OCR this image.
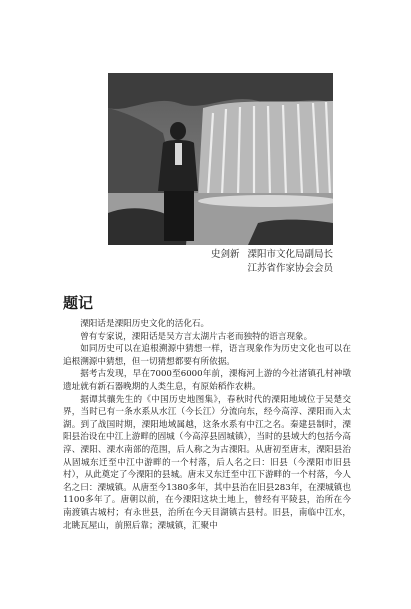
史剑新 溧阳市文化局副局长
江苏省作家协会会员
题记

溧阳话是溧阳历史文化的活化石。

曾有专家说，溧阳话是吴方言太湖片古老而独特的语言现象。

如同历史可以在追根溯源中猜想一样，语言现象作为历史文化也可以在追根溯源中猜想，但一切猜想都要有所依据。

据考古发现，早在7000至6000年前，溧梅河上游的今社渚镇孔村神墩遗址就有新石器晚期的人类生息，有原始稻作农耕。

据谭其骧先生的《中国历史地图集》，春秋时代的溧阳地域位于吴楚交界，当时已有一条水系从水江（今长江）分流向东，经今高淳、溧阳而入太湖。到了战国时期，溧阳地域属越，这条水系有中江之名。秦建县制时，溧阳县治设在中江上游畔的固城（今高淳县固城镇），当时的县域大约包括今高淳、溧阳、溧水南部的范围，后人称之为古溧阳。从唐初至唐末，溧阳县治从固城东迁至中江中游畔的一个村落，后人名之曰：旧县（今溧阳市旧县村），从此奠定了今溧阳的县城。唐末又东迁至中江下游畔的一个村落，今人名之曰：溧城镇。从唐至今1380多年，其中县治在旧县283年，在溧城镇也1100多年了。唐朝以前，在今溧阳这块土地上，曾经有平陵县，治所在今南渡镇古城村；有永世县，治所在今天目湖镇古县村。旧县，南临中江水，北眺瓦屋山，前照后靠；溧城镇，汇聚中
